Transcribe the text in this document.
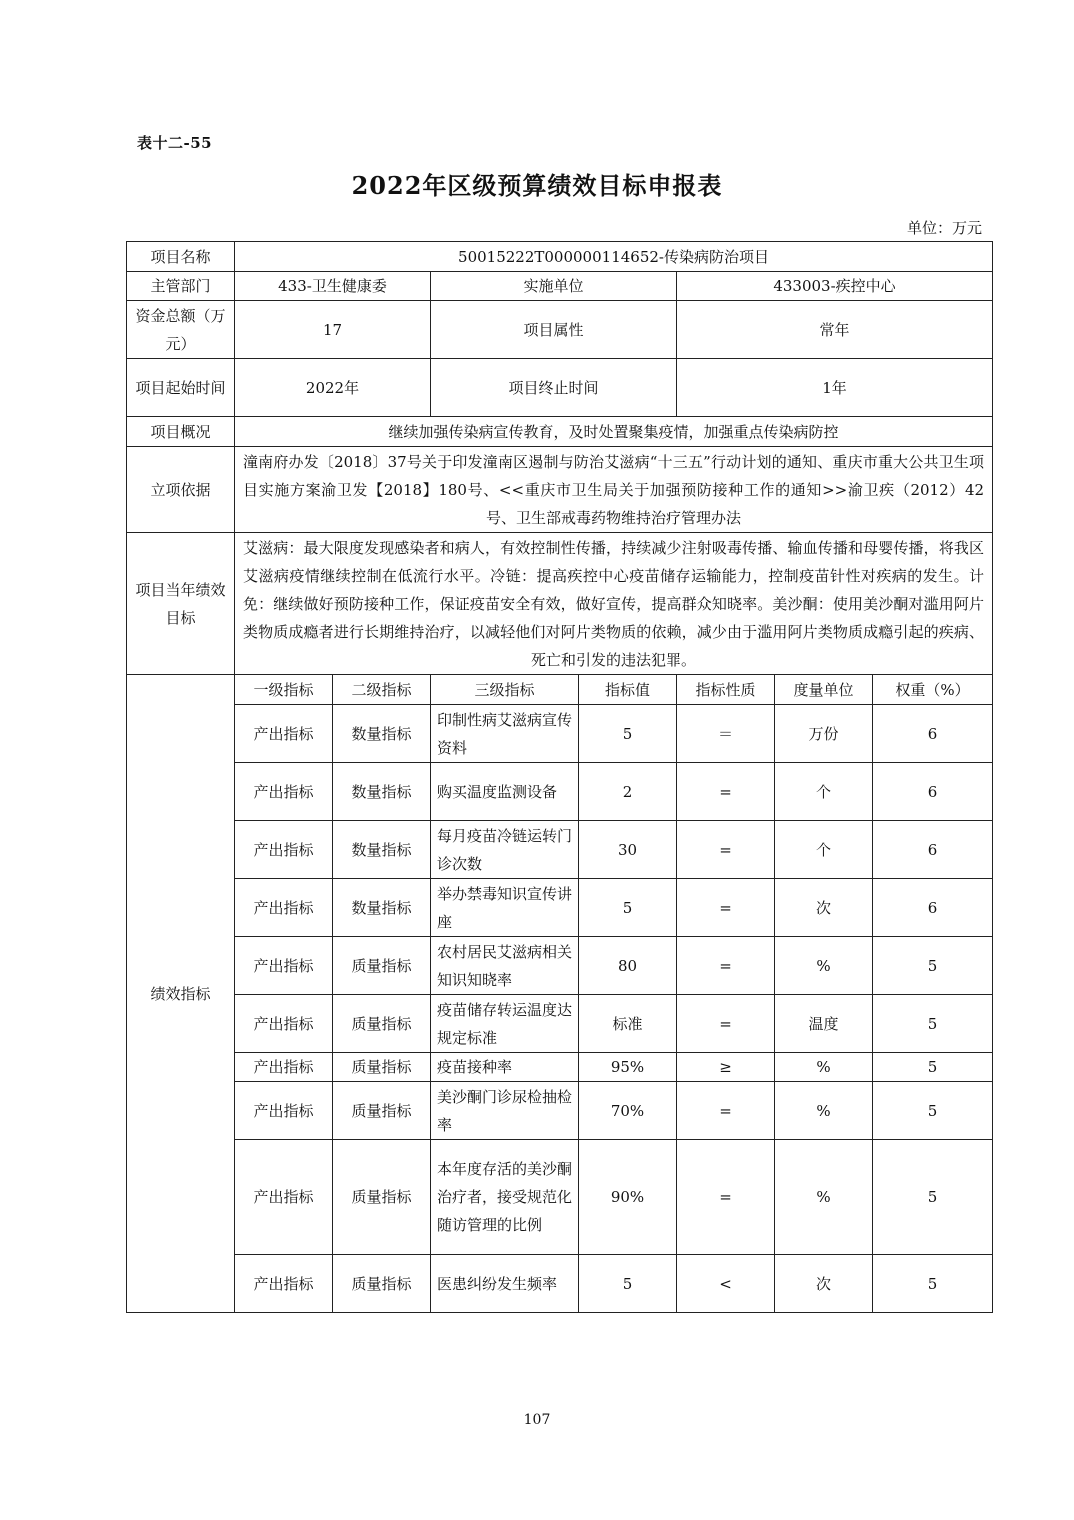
表十二-55
2022年区级预算绩效目标申报表
单位：万元
项目名称	50015222T000000114652-传染病防治项目						
主管部门	433-卫生健康委		实施单位		433003-疾控中心		
资金总额（万元）	17		项目属性		常年		
项目起始时间	2022年		项目终止时间		1年		
项目概况	继续加强传染病宣传教育，及时处置聚集疫情，加强重点传染病防控						
立项依据	潼南府办发〔2018〕37号关于印发潼南区遏制与防治艾滋病“十三五”行动计划的通知、重庆市重大公共卫生项目实施方案渝卫发【2018】180号、<<重庆市卫生局关于加强预防接种工作的通知>>渝卫疾（2012）42号、卫生部戒毒药物维持治疗管理办法						
项目当年绩效目标	艾滋病：最大限度发现感染者和病人，有效控制性传播，持续减少注射吸毒传播、输血传播和母婴传播，将我区艾滋病疫情继续控制在低流行水平。冷链：提高疾控中心疫苗储存运输能力，控制疫苗针性对疾病的发生。计免：继续做好预防接种工作，保证疫苗安全有效，做好宣传，提高群众知晓率。美沙酮：使用美沙酮对滥用阿片类物质成瘾者进行长期维持治疗，以减轻他们对阿片类物质的依赖，减少由于滥用阿片类物质成瘾引起的疾病、死亡和引发的违法犯罪。						
绩效指标	一级指标	二级指标	三级指标	指标值	指标性质	度量单位	权重（%）
	产出指标	数量指标	印制性病艾滋病宣传资料	5	＝	万份	6
	产出指标	数量指标	购买温度监测设备	2	=	个	6
	产出指标	数量指标	每月疫苗冷链运转门诊次数	30	=	个	6
	产出指标	数量指标	举办禁毒知识宣传讲座	5	=	次	6
	产出指标	质量指标	农村居民艾滋病相关知识知晓率	80	=	%	5
	产出指标	质量指标	疫苗储存转运温度达规定标准	标准	=	温度	5
	产出指标	质量指标	疫苗接种率	95%	≥	%	5
	产出指标	质量指标	美沙酮门诊尿检抽检率	70%	=	%	5
	产出指标	质量指标	本年度存活的美沙酮治疗者，接受规范化随访管理的比例	90%	=	%	5
	产出指标	质量指标	医患纠纷发生频率	5	<	次	5
107
